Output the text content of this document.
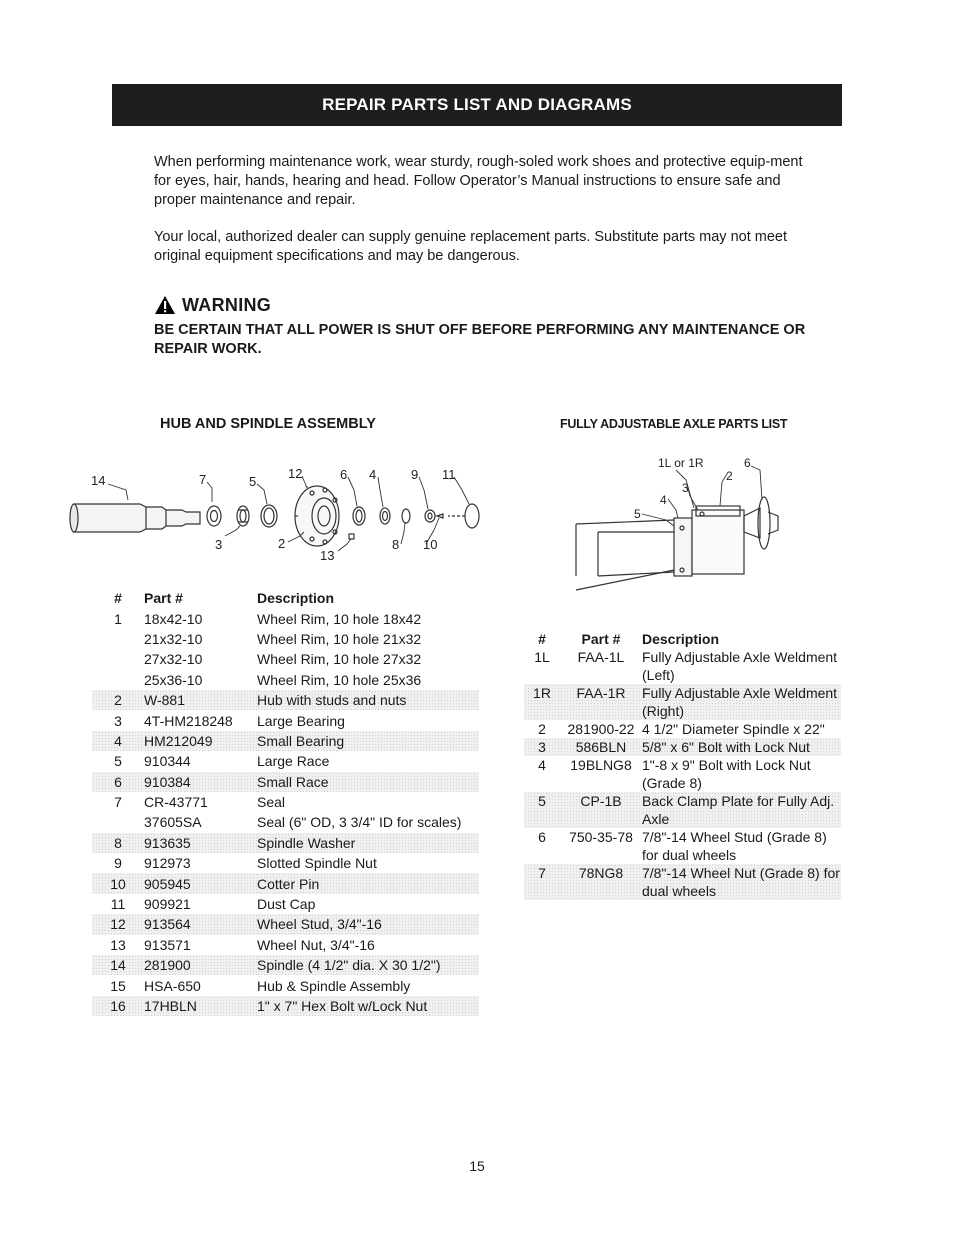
REPAIR PARTS LIST AND DIAGRAMS

When performing maintenance work, wear sturdy, rough-soled work shoes and protective equip-ment for eyes, hair, hands, hearing and head. Follow Operator’s Manual instructions to ensure safe and proper maintenance and repair.

Your local, authorized dealer can supply genuine replacement parts. Substitute parts may not meet original equipment specifications and may be dangerous.

WARNING

BE CERTAIN THAT ALL POWER IS SHUT OFF BEFORE PERFORMING ANY MAINTENANCE OR REPAIR WORK.

HUB AND SPINDLE ASSEMBLY	FULLY ADJUSTABLE AXLE PARTS LIST
14	7	5
12	6 4	9 11
3	2
13
8 10
1L or 1R
2
3
4
5
6
#	Part #	Description
1	18x42-10	Wheel Rim, 10 hole 18x42
	21x32-10	Wheel Rim, 10 hole 21x32
	27x32-10	Wheel Rim, 10 hole 27x32
	25x36-10	Wheel Rim, 10 hole 25x36
2	W-881	Hub with studs and nuts
3	4T-HM218248	Large Bearing
4	HM212049	Small Bearing
5	910344	Large Race
6	910384	Small Race
7	CR-43771	Seal
	37605SA	Seal (6" OD, 3 3/4" ID for scales)
8	913635	Spindle Washer
9	912973	Slotted Spindle Nut
10	905945	Cotter Pin
11	909921	Dust Cap
12	913564	Wheel Stud, 3/4"-16
13	913571	Wheel Nut, 3/4"-16
14	281900	Spindle (4 1/2" dia. X 30 1/2")
15	HSA-650	Hub & Spindle Assembly
16	17HBLN	1" x 7" Hex Bolt w/Lock Nut
#	Part #	Description
1L	FAA-1L	Fully Adjustable Axle Weldment (Left)
1R	FAA-1R	Fully Adjustable Axle Weldment (Right)
2	281900-22	4 1/2" Diameter Spindle x 22"
3	586BLN	5/8" x 6" Bolt with Lock Nut
4	19BLNG8	1"-8 x 9" Bolt with Lock Nut (Grade 8)
5	CP-1B	Back Clamp Plate for Fully Adj. Axle
6	750-35-78	7/8"-14 Wheel Stud (Grade 8) for dual wheels
7	78NG8	7/8"-14 Wheel Nut (Grade 8) for dual wheels
15
